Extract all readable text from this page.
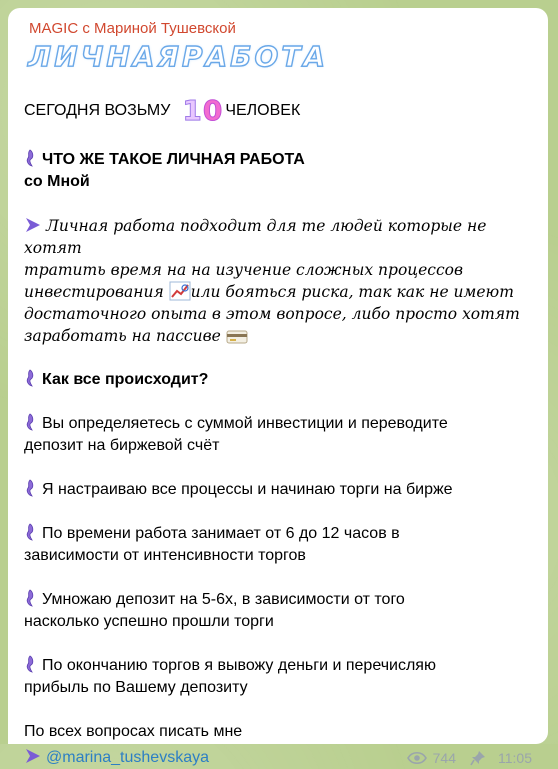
MAGIC с Мариной Тушевской
ЛИЧНАЯРАБОТА
СЕГОДНЯ ВОЗЬМУ 10 ЧЕЛОВЕК
ЧТО ЖЕ ТАКОЕ ЛИЧНАЯ РАБОТА
со Мной
Личная работа подходит для те людей которые не хотят
тратить время на на изучение сложных процессов
инвестирования или бояться риска, так как не имеют
достаточного опыта в этом вопросе, либо просто хотят
заработать на пассиве
Как все происходит?
Вы определяетесь с суммой инвестиции и переводите
депозит на биржевой счёт
Я настраиваю все процессы и начинаю торги на бирже
По времени работа занимает от 6 до 12 часов в
зависимости от интенсивности торгов
Умножаю депозит на 5-6х, в зависимости от того
насколько успешно прошли торги
По окончанию торгов я вывожу деньги и перечисляю
прибыль по Вашему депозиту
По всех вопросах писать мне
@marina_tushevskaya	744	11:05
